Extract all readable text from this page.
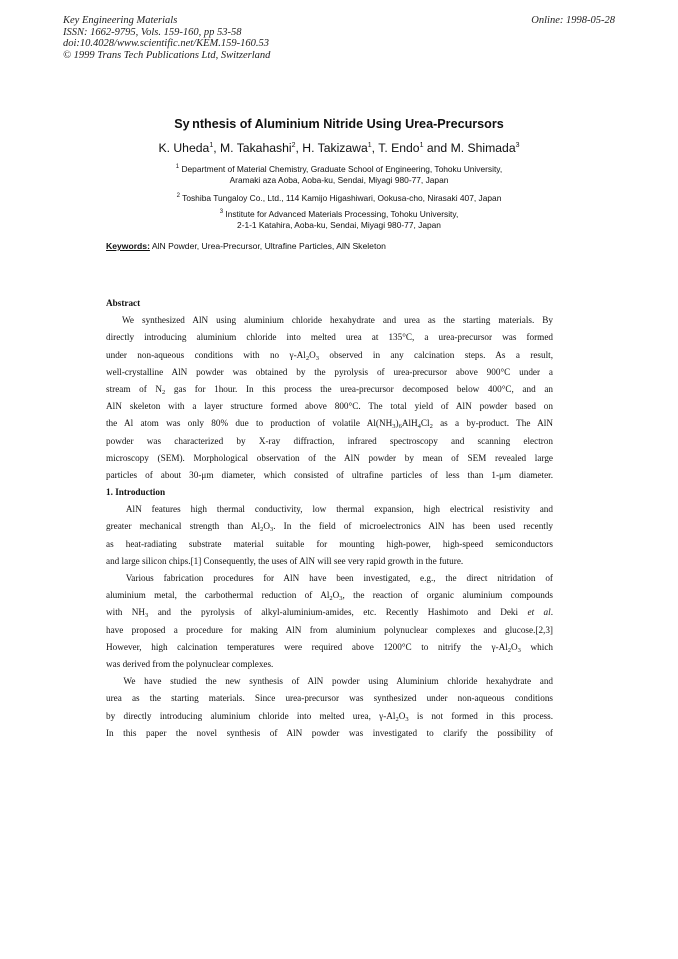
Key Engineering Materials
ISSN: 1662-9795, Vols. 159-160, pp 53-58
doi:10.4028/www.scientific.net/KEM.159-160.53
© 1999 Trans Tech Publications Ltd, Switzerland
Online: 1998-05-28
Sy nthesis of Aluminium Nitride Using Urea-Precursors
K. Uheda$^1$, M. Takahashi$^2$, H. Takizawa$^1$, T. Endo$^1$ and M. Shimada$^3$
$^1$ Department of Material Chemistry, Graduate School of Engineering, Tohoku University,
Aramaki aza Aoba, Aoba-ku, Sendai, Miyagi 980-77, Japan
$^2$ Toshiba Tungaloy Co., Ltd., 114 Kamijo Higashiwari, Ookusa-cho, Nirasaki 407, Japan
$^3$ Institute for Advanced Materials Processing, Tohoku University,
2-1-1 Katahira, Aoba-ku, Sendai, Miyagi 980-77, Japan
Keywords: AlN Powder, Urea-Precursor, Ultrafine Particles, AlN Skeleton
Abstract
We synthesized AlN using aluminium chloride hexahydrate and urea as the starting materials. By
directly introducing aluminium chloride into melted urea at 135°C, a urea-precursor was formed
under non-aqueous conditions with no $\gamma-Al_2O_3$ observed in any calcination steps. As a result,
well-crystalline AlN powder was obtained by the pyrolysis of urea-precursor above 900°C under a
stream of $N_2$ gas for 1hour. In this process the urea-precursor decomposed below 400°C, and an
AlN skeleton with a layer structure formed above 800°C. The total yield of AlN powder based on
the Al atom was only 80% due to production of volatile $Al(NH_3)_6AlH_4Cl_2$ as a by-product. The AlN
powder was characterized by X-ray diffraction, infrared spectroscopy and scanning electron
microscopy (SEM). Morphological observation of the AlN powder by mean of SEM revealed large
particles of about 30-μm diameter, which consisted of ultrafine particles of less than 1-μm diameter.
1. Introduction
AlN features high thermal conductivity, low thermal expansion, high electrical resistivity and
greater mechanical strength than $Al_2O_3$. In the field of microelectronics AlN has been used recently
as heat-radiating substrate material suitable for mounting high-power, high-speed semiconductors
and large silicon chips.[1] Consequently, the uses of AlN will see very rapid growth in the future.
Various fabrication procedures for AlN have been investigated, e.g., the direct nitridation of
aluminium metal, the carbothermal reduction of $Al_2O_3$, the reaction of organic aluminium compounds
with $NH_3$ and the pyrolysis of alkyl-aluminium-amides, etc. Recently Hashimoto and Deki et al.
have proposed a procedure for making AlN from aluminium polynuclear complexes and glucose.[2,3]
However, high calcination temperatures were required above 1200°C to nitrify the $\gamma-Al_2O_3$ which
was derived from the polynuclear complexes.
We have studied the new synthesis of AlN powder using Aluminium chloride hexahydrate and
urea as the starting materials. Since urea-precursor was synthesized under non-aqueous conditions
by directly introducing aluminium chloride into melted urea, $\gamma-Al_2O_3$ is not formed in this process.
In this paper the novel synthesis of AlN powder was investigated to clarify the possibility of
